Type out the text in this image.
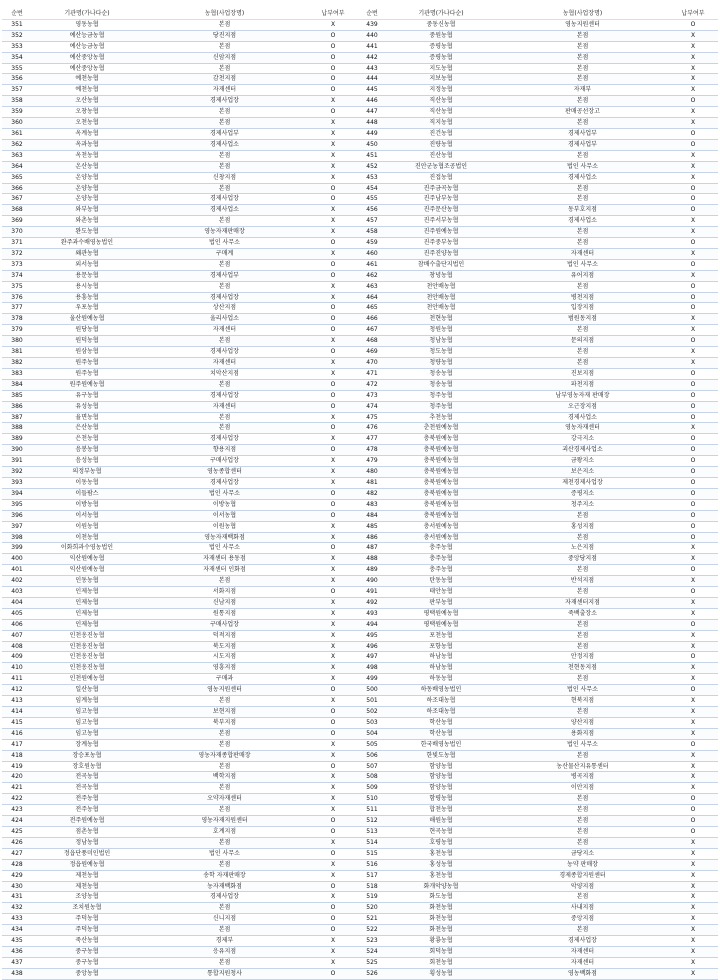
순번	기관명(가나다순)	농협(사업장명)	납부여부
351	영동농협	본점	X
352	예산능금농협	당진지점	O
353	예산능금농협	본점	O
354	예산중앙농협	신암지점	O
355	예산중앙농협	본점	O
356	예천농협	감천지점	O
357	예천농협	자재센터	O
358	오산농협	경제사업장	X
359	오창농협	본점	O
360	오천농협	본점	X
361	옥계농협	경제사업부	X
362	옥과농협	경제사업소	X
363	옥천농협	본점	X
364	온산농협	본점	X
365	온양농협	신창지점	X
366	온양농협	본점	O
367	온양농협	경제사업장	O
368	와부농협	경제사업소	X
369	와촌농협	본점	X
370	완도농협	영농자재판매장	X
371	완주과수배영농법인	법인 사무소	O
372	왜관농협	구매계	X
373	외서농협	본점	O
374	용문농협	경제사업부	O
375	용시농협	본점	X
376	용흥농협	경제사업장	X
377	우포농협	상산지점	O
378	울산원예농협	울리사업소	O
379	원당농협	자재센터	O
380	원덕농협	본점	X
381	원삼농협	경제사업장	O
382	원주농협	자재센터	X
383	원주농협	치악산지점	X
384	원주원예농협	본점	O
385	유구농협	경제사업장	O
386	유성농협	자재센터	O
387	율면농협	본점	X
388	은산농협	본점	O
389	은천농협	경제사업장	X
390	음봉농협	향용지점	O
391	음성농협	구매사업장	X
392	의정부농협	영농종합센터	X
393	이동농협	경제사업장	X
394	이들팜스	법인 사무소	O
395	이방농협	이방농협	O
396	이서농협	이서농협	O
397	이원농협	이원농협	X
398	이천농협	영농자재백화점	X
399	이화희과수영농법인	법인 사무소	O
400	익산원예농협	자재센터 용동점	X
401	익산원예농협	자재센터 인화점	X
402	인동농협	본점	X
403	인제농협	서화지점	O
404	인제농협	신남지점	X
405	인제농협	원통지점	X
406	인제농협	구매사업장	X
407	인천옹진농협	덕적지점	X
408	인천옹진농협	북도지점	X
409	인천옹진농협	시도지점	X
410	인천옹진농협	영흥지점	X
411	인천원예농협	구매과	X
412	일산농협	영농지원센터	O
413	임계농협	본점	X
414	임고농협	보현지점	O
415	임고농협	북부지점	O
416	임고농협	본점	O
417	장계농협	본점	X
418	장승포농협	영농자재종합판매장	X
419	장호원농협	본점	O
420	전곡농협	백학지점	X
421	전곡농협	본점	X
422	전주농협	오약자재센터	X
423	전주농협	본점	X
424	전주원예농협	영농자재지원센터	O
425	점촌농협	호계지점	O
426	정남농협	본점	X
427	정읍단풍미인법인	법인 사무소	O
428	정읍원예농협	본점	X
429	제천농협	송학 자재판매장	X
430	제천농협	농자재백화점	O
431	조양농협	경제사업장	X
432	조치원농협	본점	O
433	주덕농협	신니지점	O
434	주덕농협	본점	O
435	죽산농협	경제부	X
436	중구농협	응유지점	X
437	중구농협	본점	X
438	중앙농협	통합지원청사	O
순번	기관명(가나다순)	농협(사업장명)	납부여부
439	중동신농협	영농지원센터	O
440	중원농협	본점	X
441	증평농협	본점	X
442	증평농협	본점	X
443	지도농협	본점	X
444	지보농협	본점	X
445	지정농협	자재부	X
446	직산농협	본점	O
447	직산농협	판매공선장고	X
448	직지농협	본점	X
449	진건농협	경제사업부	O
450	진량농협	경제사업부	O
451	진산농협	본점	X
452	진안군농협조공법인	법인 사무소	X
453	진접농협	경제사업소	X
454	진주금곡농협	본점	O
455	진주남부농협	본점	O
456	진주문산농협	동부호지점	O
457	진주서부농협	경제사업소	X
458	진주원예농협	본점	X
459	진주중부농협	본점	O
460	진주진양농협	자재센터	X
461	참배수출단지법인	법인 사무소	O
462	창녕농협	유어지점	X
463	천안배농협	본점	O
464	천안배농협	병천지점	O
465	천안배농협	입장지점	O
466	천현농협	범원동지점	X
467	청원농협	본점	X
468	청남농협	문의지점	O
469	청도농협	본점	X
470	청량농협	본점	X
471	청송농협	진보지점	O
472	청송농협	파천지점	O
473	청주농협	남부영농자재 판매장	O
474	청주농협	오근장지점	O
475	추천농협	경제사업소	O
476	춘천원예농협	영농자재센터	X
477	충북원예농협	강극지소	O
478	충북원예농협	괴산경제사업소	O
479	충북원예농협	금왕지소	O
480	충북원예농협	보은지소	O
481	충북원예농협	제천경제사업장	O
482	충북원예농협	증평지소	O
483	충북원예농협	청주지소	O
484	충북원예농협	본점	O
485	충서원예농협	홍성지점	O
486	충서원예농협	본점	O
487	충주농협	노은지점	X
488	충주농협	중앙당지점	X
489	충주농협	본점	O
490	탄동농협	반석지점	X
491	태안농협	본점	O
492	판부농협	자재센터지점	X
493	평택원예농협	죽백출장소	X
494	평택원예농협	본점	O
495	포천농협	본점	X
496	포항농협	본점	X
497	하남농협	안정지점	O
498	하남농협	천현동지점	X
499	하동농협	본점	X
500	하동배영농법인	법인 사무소	O
501	하조대농협	현북지점	X
502	하조대농협	본점	X
503	학산농협	양산지점	X
504	학산농협	용화지점	X
505	한국배영농법인	법인 사무소	O
506	한빛도농협	본점	X
507	함양농협	농산물산지유통센터	X
508	함양농협	병곡지점	X
509	함양농협	이안지점	X
510	함평농협	본점	O
511	합천농협	본점	O
512	해원농협	본점	O
513	현곡농협	본점	O
514	호평농협	본점	X
515	홍천농협	금당지소	X
516	홍성농협	농약 판매장	X
517	홍천농협	경제종합지원센터	X
518	화개악양농협	악양지점	X
519	화도농협	본점	X
520	화천농협	사내지점	X
521	화천농협	중앙지점	X
522	화천농협	본점	X
523	황룡농협	경제사업장	X
524	회덕농협	자재센터	X
525	회천농협	자재센터	X
526	횡성농협	영농백화점	X
